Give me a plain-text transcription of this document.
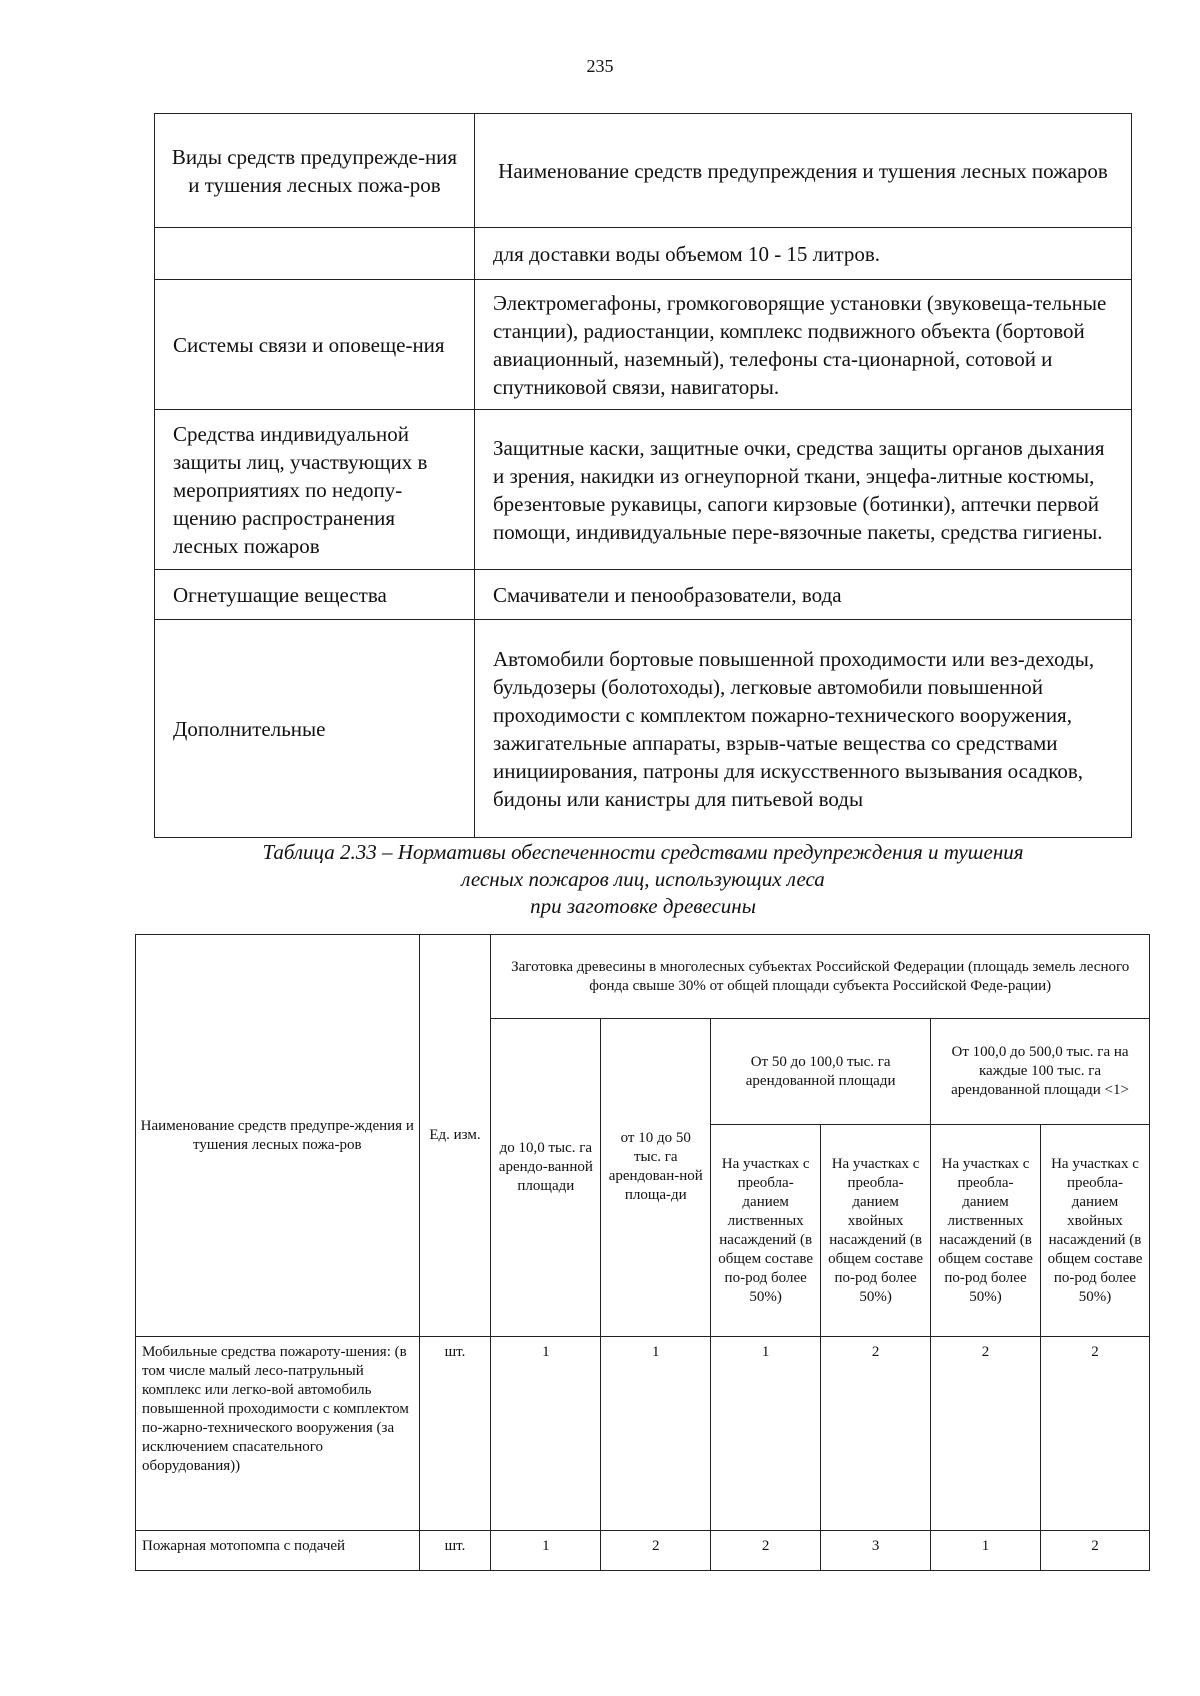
235
Виды средств предупрежде-ния и тушения лесных пожа-ров	Наименование средств предупреждения и тушения лесных пожаров
	для доставки воды объемом 10 - 15 литров.
Системы связи и оповеще-ния	Электромегафоны, громкоговорящие установки (звуковеща-тельные станции), радиостанции, комплекс подвижного объекта (бортовой авиационный, наземный), телефоны ста-ционарной, сотовой и спутниковой связи, навигаторы.
Средства индивидуальной защиты лиц, участвующих в мероприятиях по недопу-щению распространения лесных пожаров	Защитные каски, защитные очки, средства защиты органов дыхания и зрения, накидки из огнеупорной ткани, энцефа-литные костюмы, брезентовые рукавицы, сапоги кирзовые (ботинки), аптечки первой помощи, индивидуальные пере-вязочные пакеты, средства гигиены.
Огнетушащие вещества	Смачиватели и пенообразователи, вода
Дополнительные	Автомобили бортовые повышенной проходимости или вез-деходы, бульдозеры (болотоходы), легковые автомобили повышенной проходимости с комплектом пожарно-технического вооружения, зажигательные аппараты, взрыв-чатые вещества со средствами инициирования, патроны для искусственного вызывания осадков, бидоны или канистры для питьевой воды
Таблица 2.33 – Нормативы обеспеченности средствами предупреждения и тушения
лесных пожаров лиц, использующих леса
при заготовке древесины
Наименование средств предупре-ждения и тушения лесных пожа-ров	Ед. изм.	Заготовка древесины в многолесных субъектах Российской Федерации (площадь земель лесного фонда свыше 30% от общей площади субъекта Российской Феде-рации)					
		до 10,0 тыс. га арендо-ванной площади	от 10 до 50 тыс. га арендован-ной площа-ди	От 50 до 100,0 тыс. га арендованной площади		От 100,0 до 500,0 тыс. га на каждые 100 тыс. га арендованной площади <1>	
				На участках с преобла-данием лиственных насаждений (в общем составе по-род более 50%)	На участках с преобла-данием хвойных насаждений (в общем составе по-род более 50%)	На участках с преобла-данием лиственных насаждений (в общем составе по-род более 50%)	На участках с преобла-данием хвойных насаждений (в общем составе по-род более 50%)
Мобильные средства пожароту-шения: (в том числе малый лесо-патрульный комплекс или легко-вой автомобиль повышенной проходимости с комплектом по-жарно-технического вооружения (за исключением спасательного оборудования))	шт.	1	1	1	2	2	2
Пожарная мотопомпа с подачей	шт.	1	2	2	3	1	2
